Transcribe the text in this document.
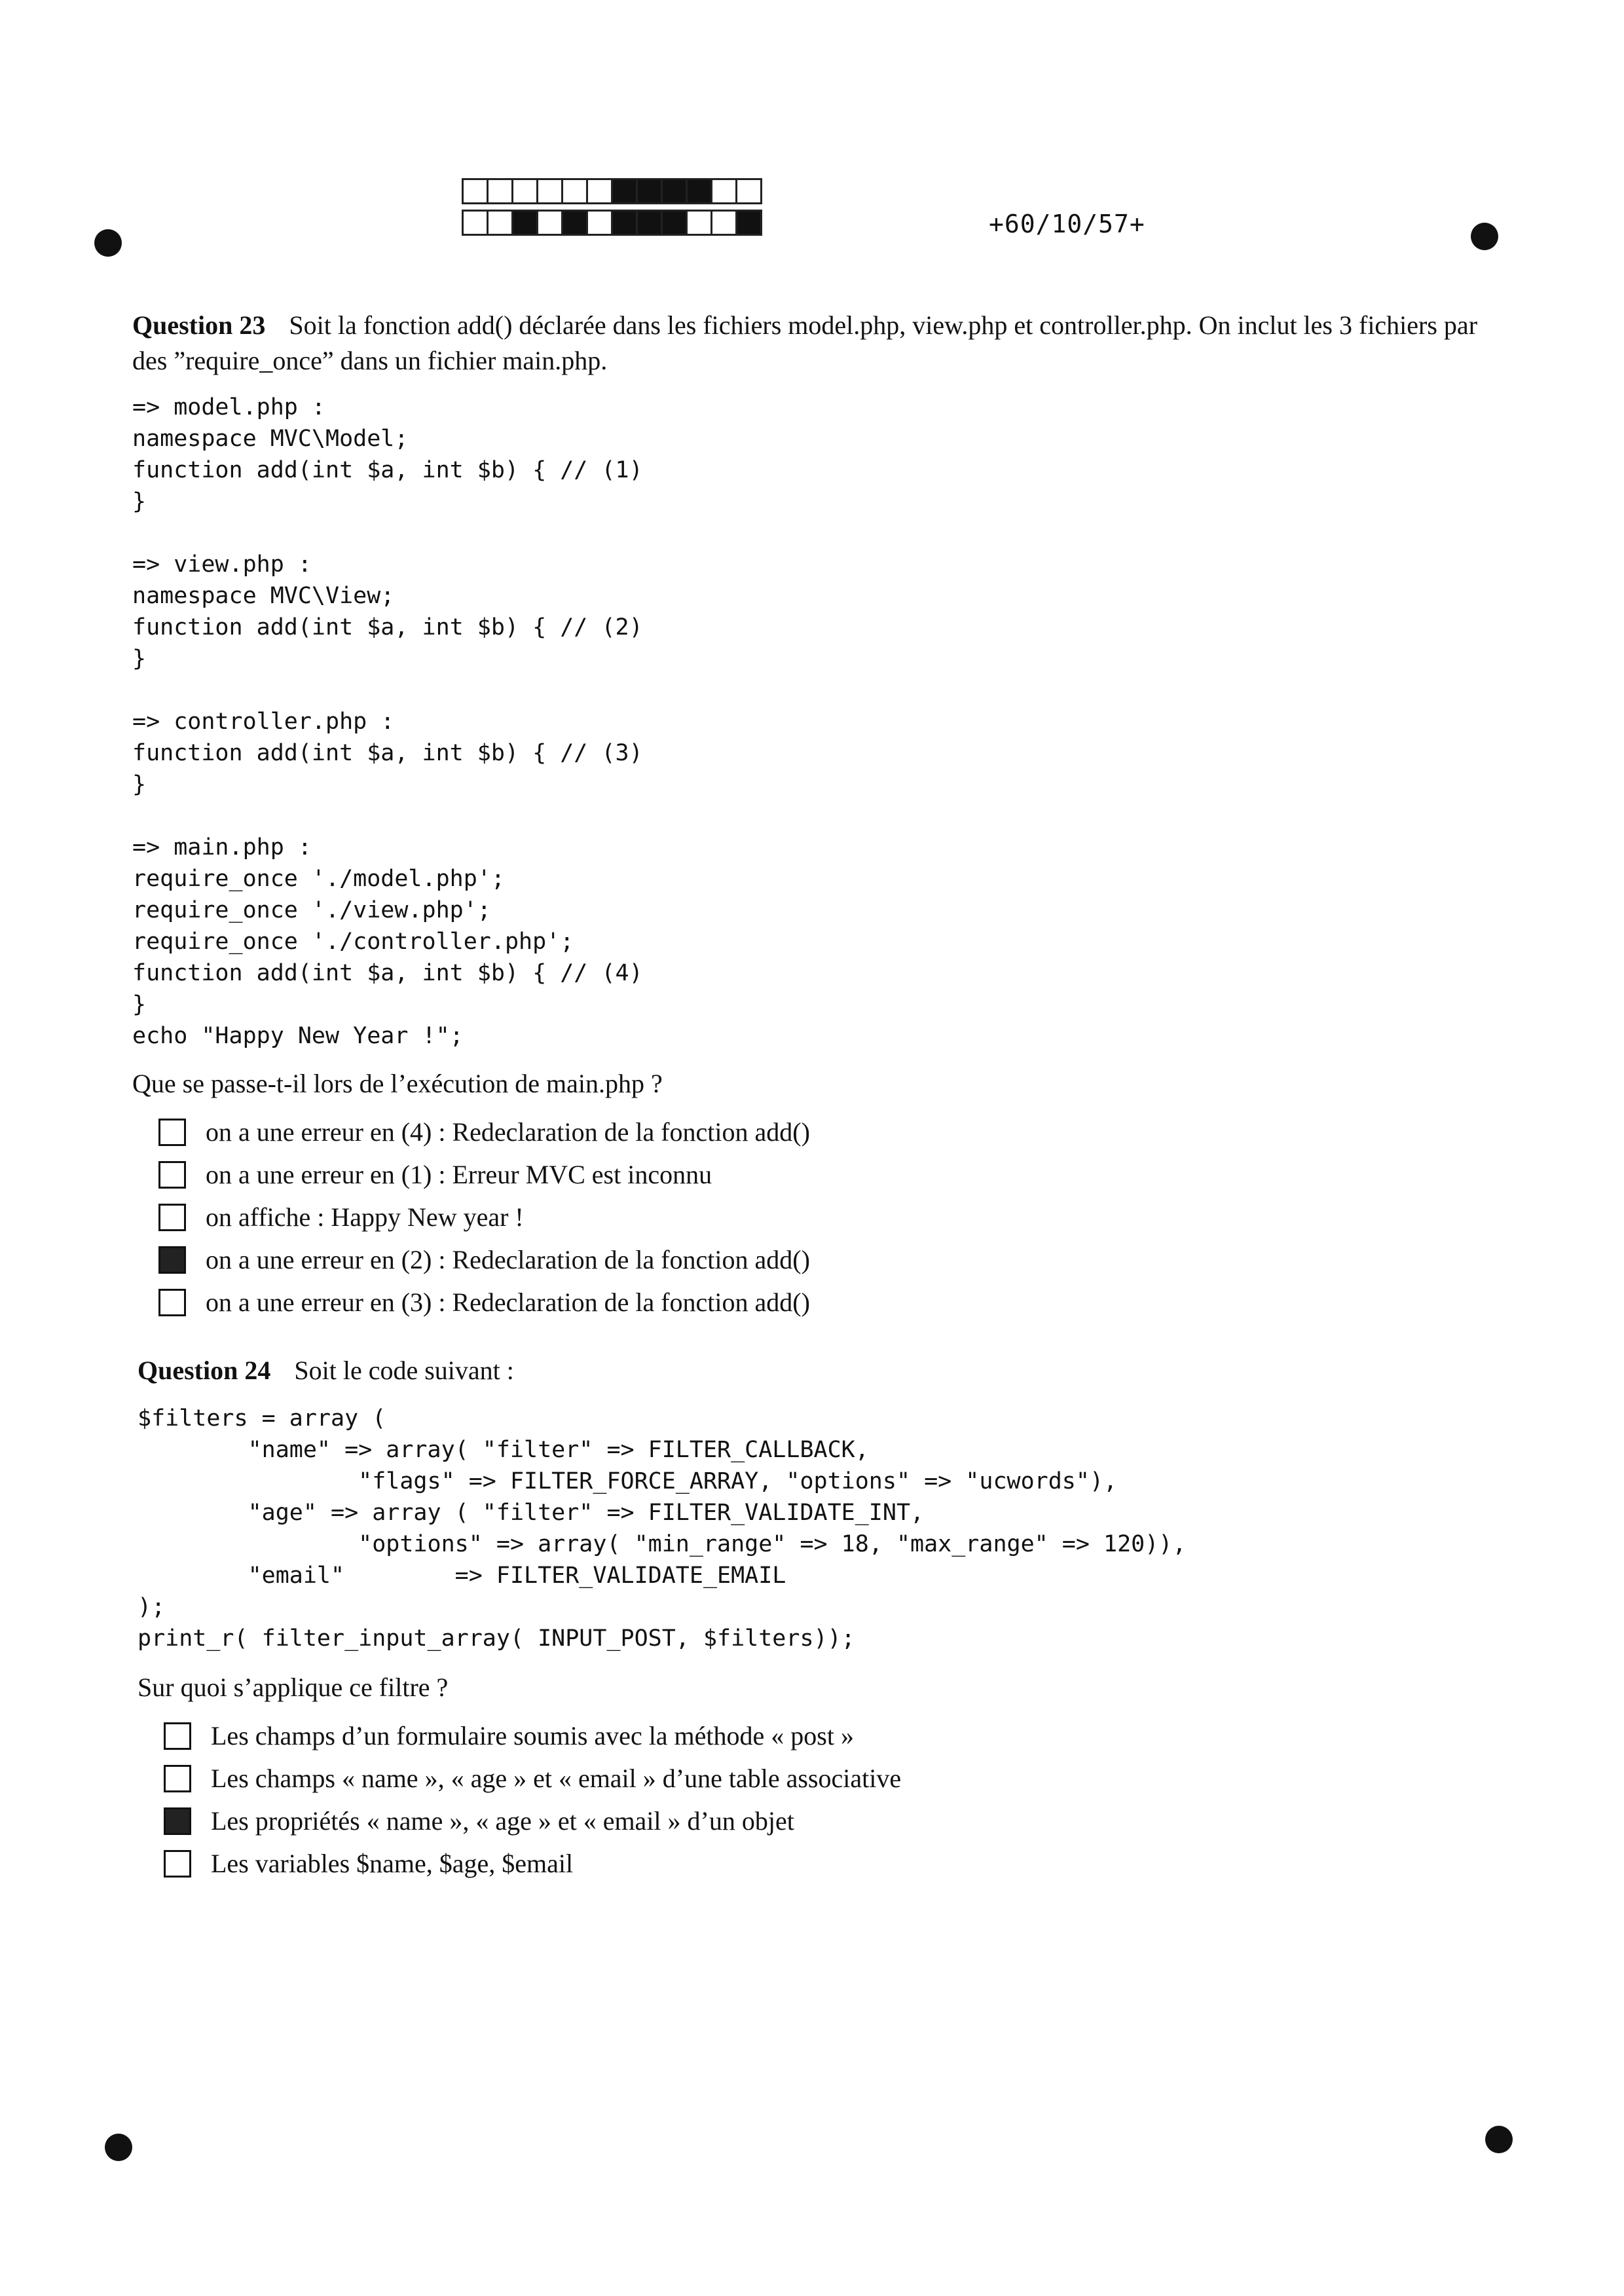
+60/10/57+

Question 23 Soit la fonction add() déclarée dans les fichiers model.php, view.php et controller.php. On inclut les 3 fichiers par des ”require_once” dans un fichier main.php.

=> model.php :
namespace MVC\Model;
function add(int $a, int $b) { // (1)
}

=> view.php :
namespace MVC\View;
function add(int $a, int $b) { // (2)
}

=> controller.php :
function add(int $a, int $b) { // (3)
}

=> main.php :
require_once './model.php';
require_once './view.php';
require_once './controller.php';
function add(int $a, int $b) { // (4)
}
echo "Happy New Year !";

Que se passe-t-il lors de l’exécution de main.php ?

on a une erreur en (4) : Redeclaration de la fonction add()
on a une erreur en (1) : Erreur MVC est inconnu
on affiche : Happy New year !
on a une erreur en (2) : Redeclaration de la fonction add()
on a une erreur en (3) : Redeclaration de la fonction add()

Question 24 Soit le code suivant :

$filters = array (
"name" => array( "filter" => FILTER_CALLBACK,
"flags" => FILTER_FORCE_ARRAY, "options" => "ucwords"),
"age" => array ( "filter" => FILTER_VALIDATE_INT,
"options" => array( "min_range" => 18, "max_range" => 120)),
"email"        => FILTER_VALIDATE_EMAIL
);
print_r( filter_input_array( INPUT_POST, $filters));

Sur quoi s’applique ce filtre ?

Les champs d’un formulaire soumis avec la méthode « post »
Les champs « name », « age » et « email » d’une table associative
Les propriétés « name », « age » et « email » d’un objet
Les variables $name, $age, $email
